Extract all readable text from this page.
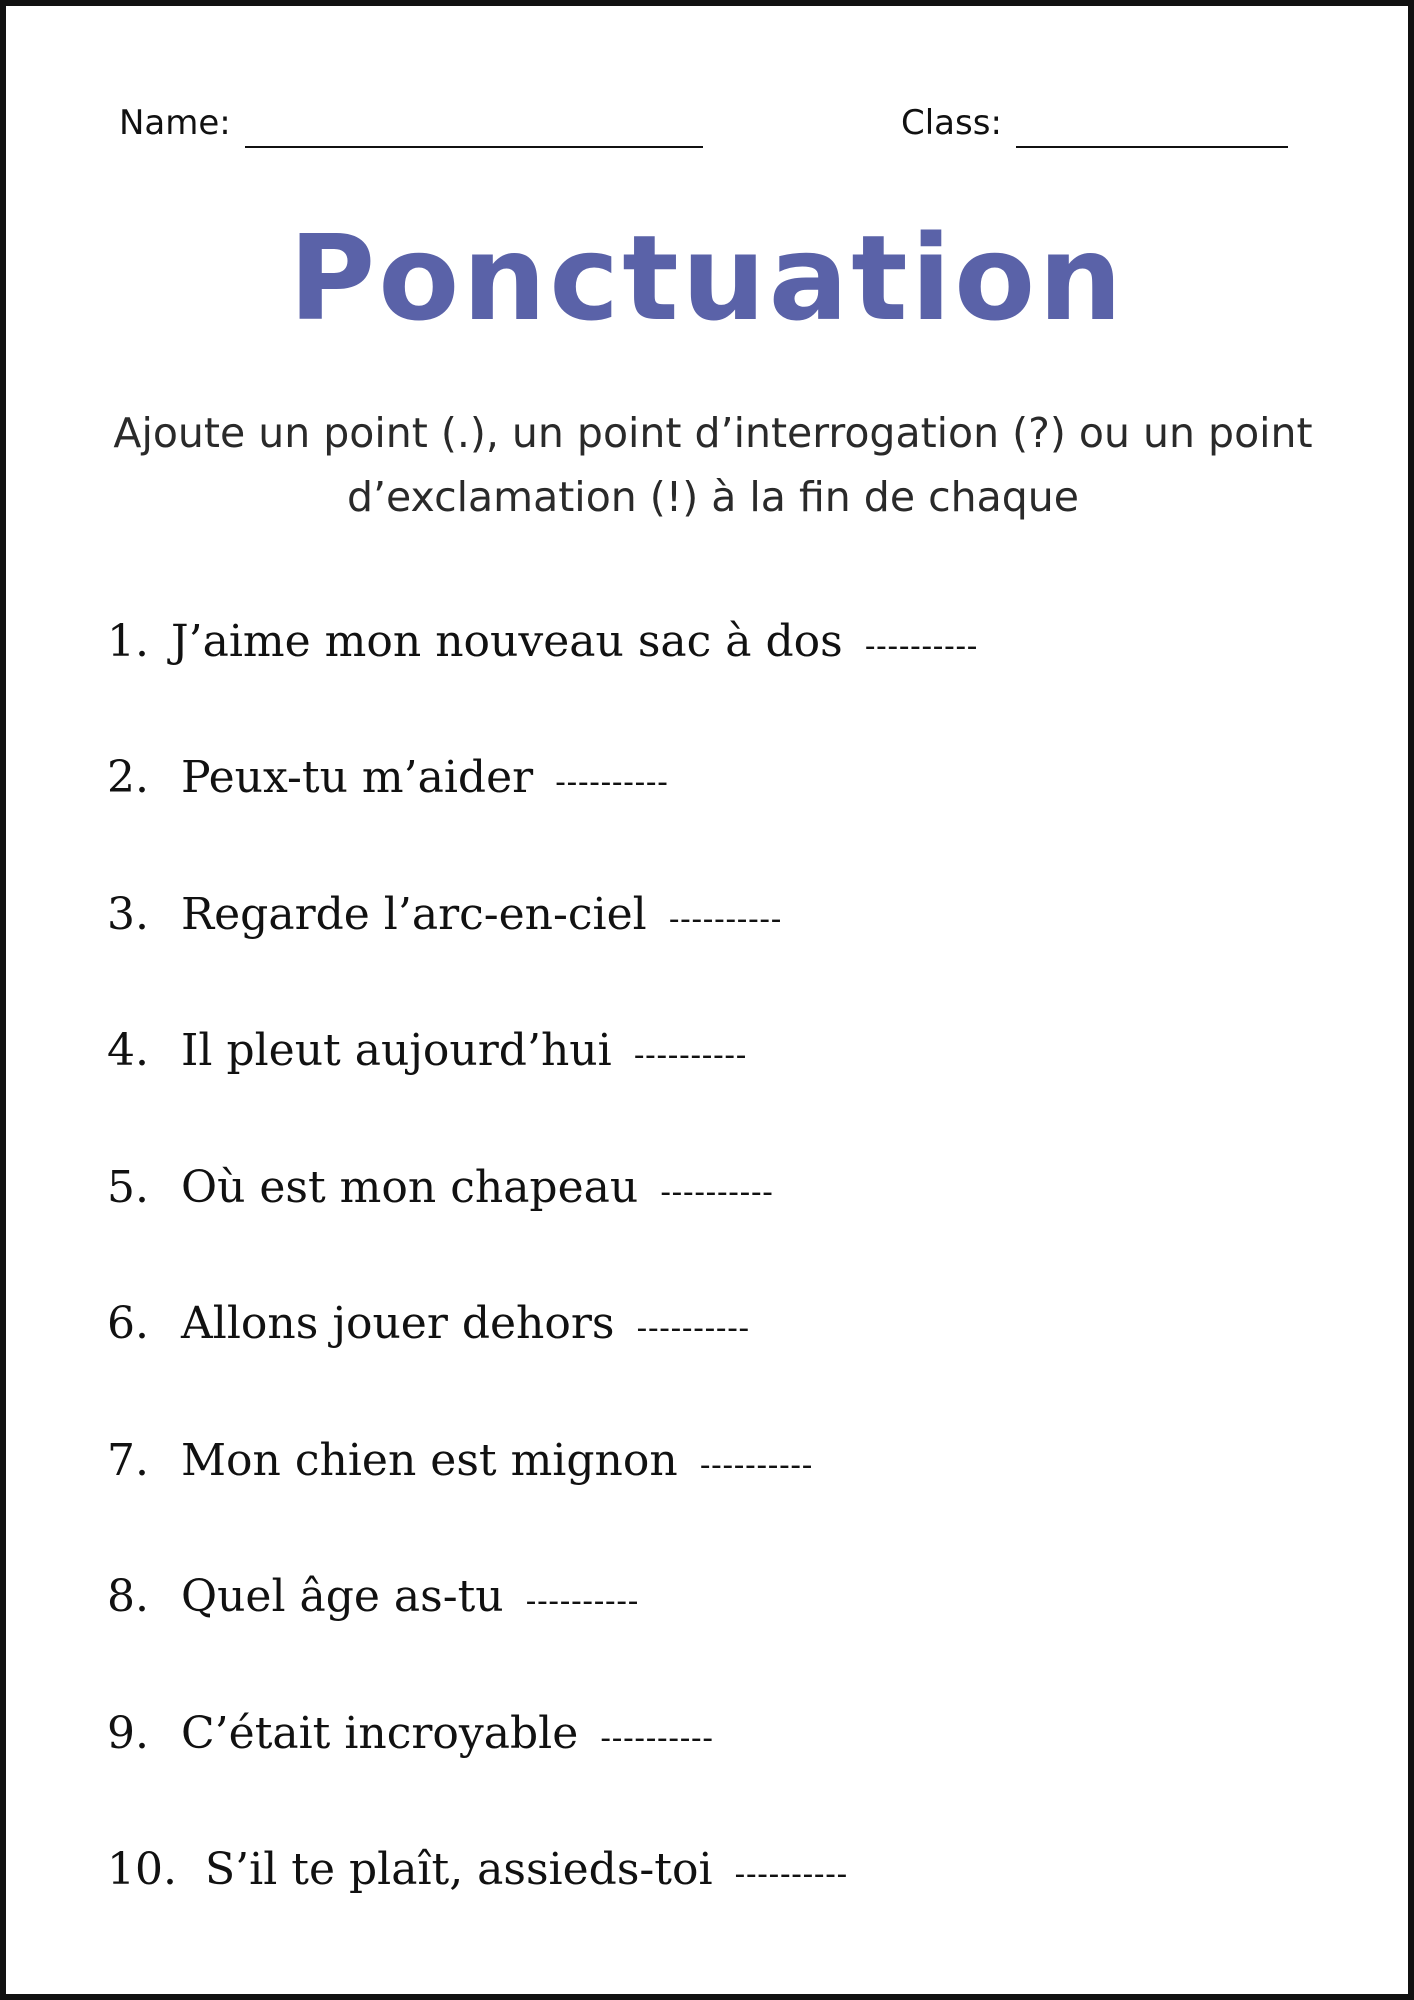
Name:	Class:
Ponctuation
Ajoute un point (.), un point d’interrogation (?) ou un point
d’exclamation (!) à la fin de chaque
1. J’aime mon nouveau sac à dos ----------
2. Peux-tu m’aider ----------
3. Regarde l’arc-en-ciel ----------
4. Il pleut aujourd’hui ----------
5. Où est mon chapeau ----------
6. Allons jouer dehors ----------
7. Mon chien est mignon ----------
8. Quel âge as-tu ----------
9. C’était incroyable ----------
10. S’il te plaît, assieds-toi ----------
